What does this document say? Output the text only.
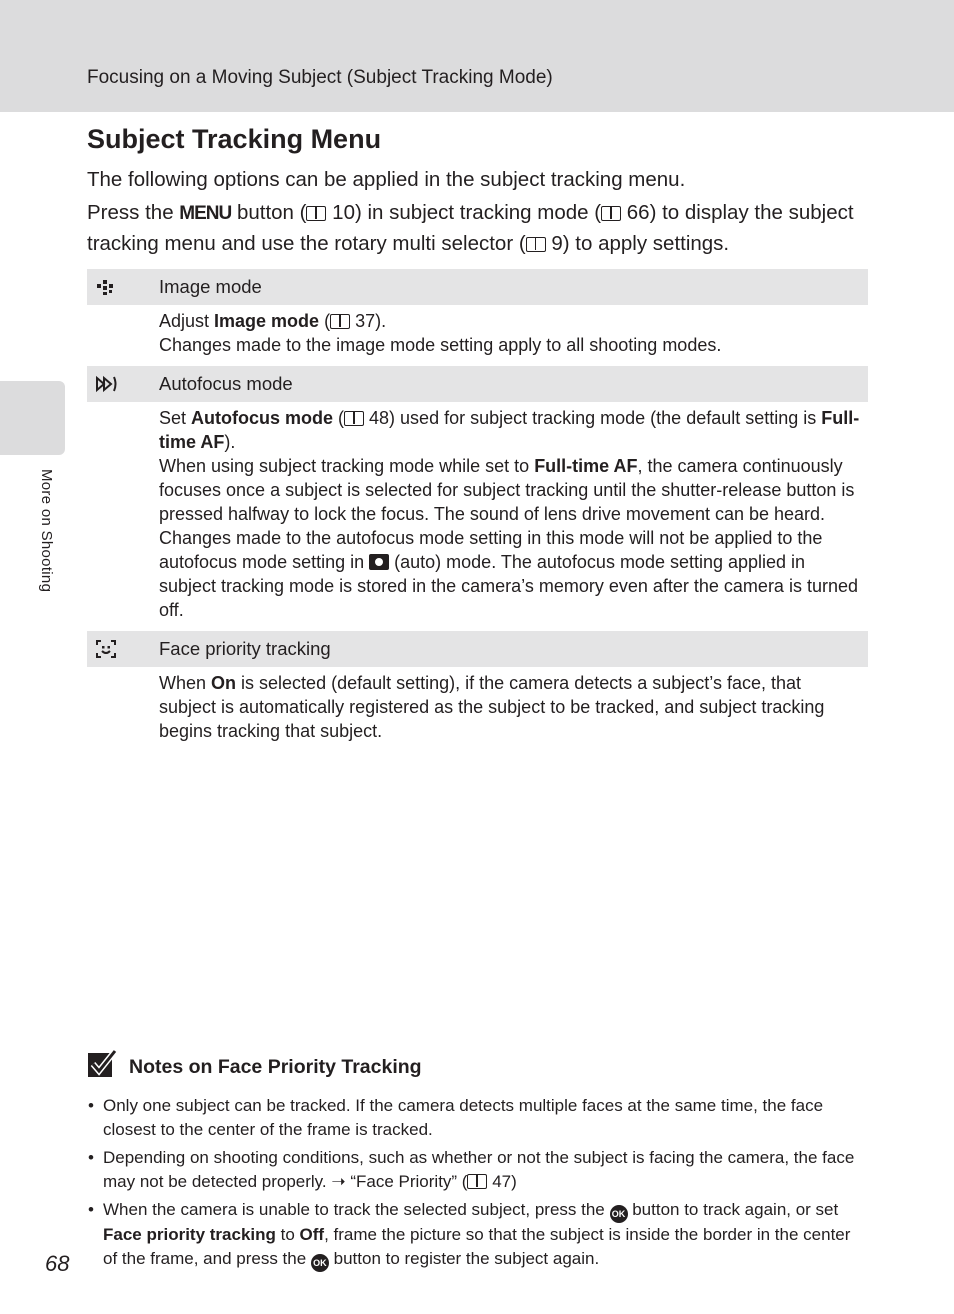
Focusing on a Moving Subject (Subject Tracking Mode)
More on Shooting
Subject Tracking Menu

The following options can be applied in the subject tracking menu.

Press the MENU button ( 10) in subject tracking mode ( 66) to display the subject tracking menu and use the rotary multi selector ( 9) to apply settings.

Image mode

Adjust Image mode ( 37).

Changes made to the image mode setting apply to all shooting modes.

Autofocus mode

Set Autofocus mode ( 48) used for subject tracking mode (the default setting is Full-time AF).

When using subject tracking mode while set to Full-time AF, the camera continuously focuses once a subject is selected for subject tracking until the shutter-release button is pressed halfway to lock the focus. The sound of lens drive movement can be heard.

Changes made to the autofocus mode setting in this mode will not be applied to the autofocus mode setting in  (auto) mode. The autofocus mode setting applied in subject tracking mode is stored in the camera’s memory even after the camera is turned off.

Face priority tracking

When On is selected (default setting), if the camera detects a subject’s face, that subject is automatically registered as the subject to be tracked, and subject tracking begins tracking that subject.

Notes on Face Priority Tracking
• Only one subject can be tracked. If the camera detects multiple faces at the same time, the face closest to the center of the frame is tracked.
• Depending on shooting conditions, such as whether or not the subject is facing the camera, the face may not be detected properly. ➝ “Face Priority” ( 47)
• When the camera is unable to track the selected subject, press the OK button to track again, or set Face priority tracking to Off, frame the picture so that the subject is inside the border in the center of the frame, and press the OK button to register the subject again.
68
